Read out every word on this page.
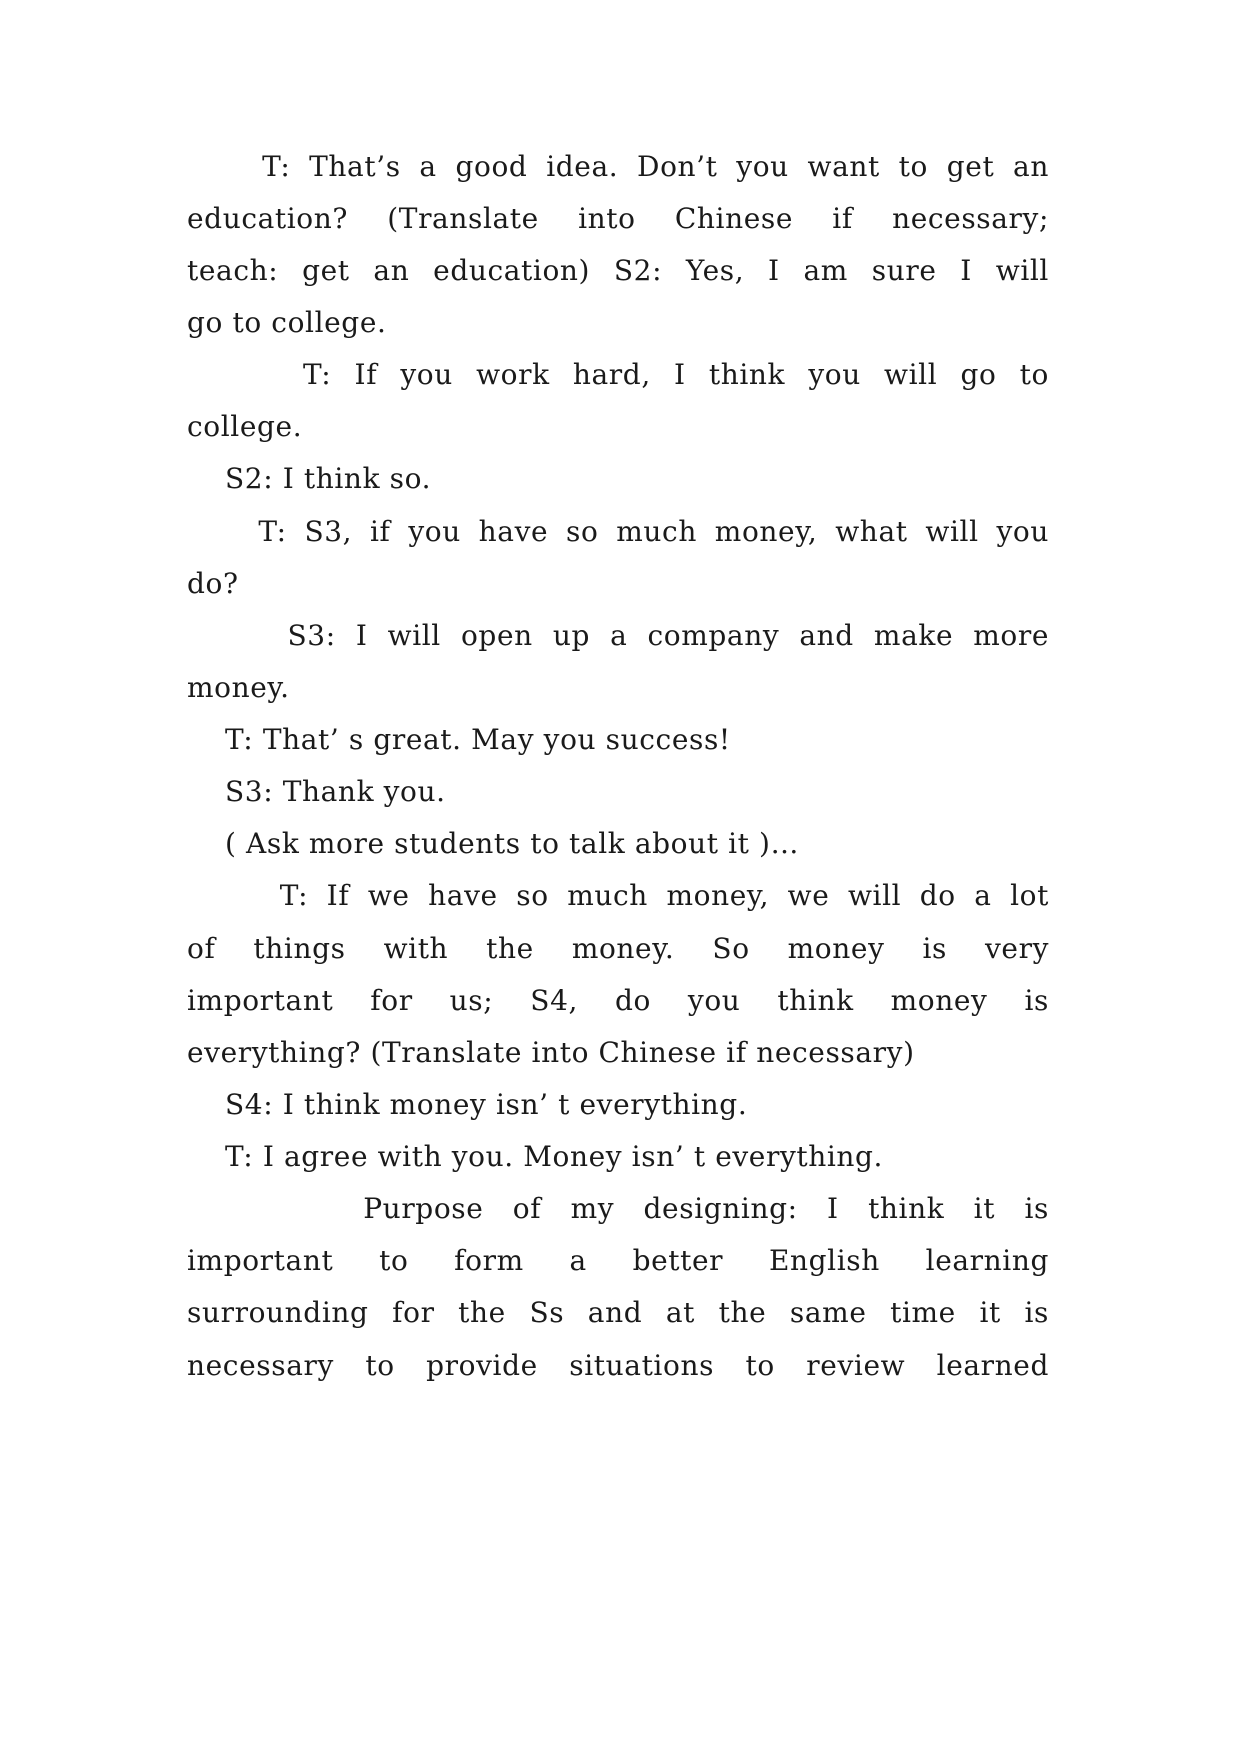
T: That’s a good idea. Don’t you want to get an

education? (Translate into Chinese if necessary;

teach: get an education) S2: Yes, I am sure I will

go to college.

T: If you work hard, I think you will go to

college.

S2: I think so.

T: S3, if you have so much money, what will you

do?

S3: I will open up a company and make more

money.

T: That’ s great. May you success!

S3: Thank you.

( Ask more students to talk about it )…

T: If we have so much money, we will do a lot

of things with the money. So money is very

important for us; S4, do you think money is

everything? (Translate into Chinese if necessary)

S4: I think money isn’ t everything.

T: I agree with you. Money isn’ t everything.

Purpose of my designing: I think it is

important to form a better English learning

surrounding for the Ss and at the same time it is

necessary to provide situations to review learned
